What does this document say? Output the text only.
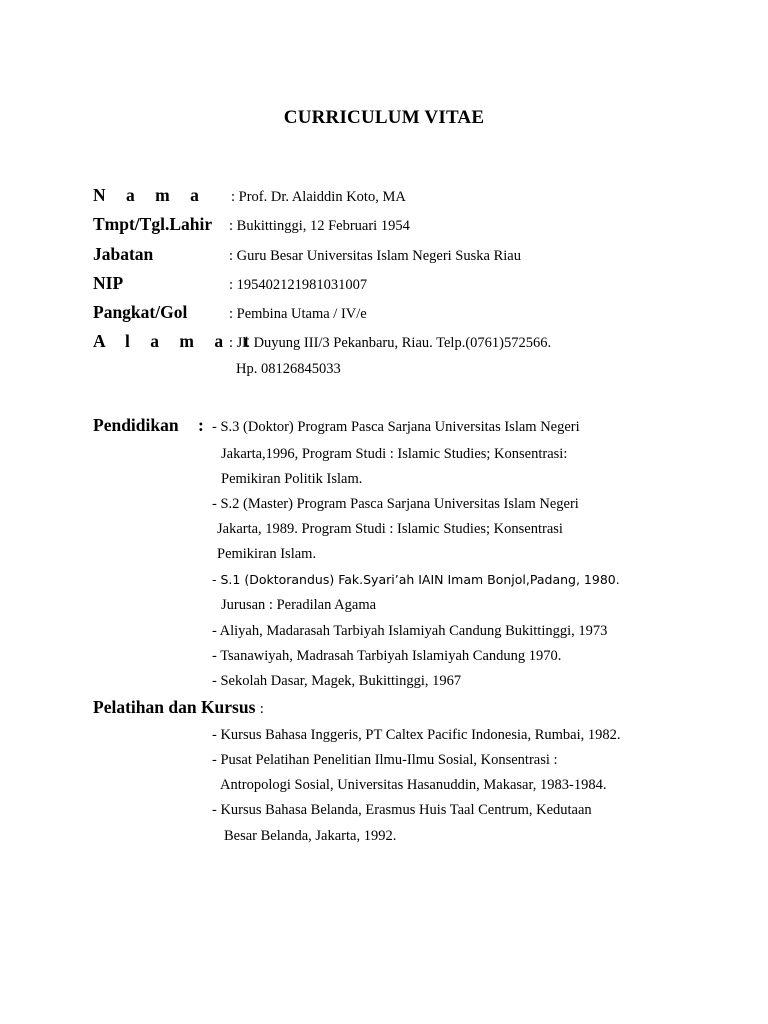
CURRICULUM VITAE
N a m a : Prof. Dr. Alaiddin Koto, MA
Tmpt/Tgl.Lahir : Bukittinggi, 12 Februari 1954
Jabatan	: Guru Besar Universitas Islam Negeri Suska Riau
NIP	: 195402121981031007
Pangkat/Gol	: Pembina Utama / IV/e
A l a m a t
: Jl. Duyung III/3 Pekanbaru, Riau. Telp.(0761)572566.
Hp. 08126845033
Pendidikan : - S.3 (Doktor) Program Pasca Sarjana Universitas Islam Negeri
Jakarta,1996, Program Studi : Islamic Studies; Konsentrasi:
Pemikiran Politik Islam.
- S.2 (Master) Program Pasca Sarjana Universitas Islam Negeri
Jakarta, 1989. Program Studi : Islamic Studies; Konsentrasi
Pemikiran Islam.
- S.1 (Doktorandus) Fak.Syari’ah IAIN Imam Bonjol,Padang, 1980.
Jurusan : Peradilan Agama
- Aliyah, Madarasah Tarbiyah Islamiyah Candung Bukittinggi, 1973
- Tsanawiyah, Madrasah Tarbiyah Islamiyah Candung 1970.
- Sekolah Dasar, Magek, Bukittinggi, 1967
Pelatihan dan Kursus :
- Kursus Bahasa Inggeris, PT Caltex Pacific Indonesia, Rumbai, 1982.
- Pusat Pelatihan Penelitian Ilmu-Ilmu Sosial, Konsentrasi :
Antropologi Sosial, Universitas Hasanuddin, Makasar, 1983-1984.
- Kursus Bahasa Belanda, Erasmus Huis Taal Centrum, Kedutaan
Besar Belanda, Jakarta, 1992.
